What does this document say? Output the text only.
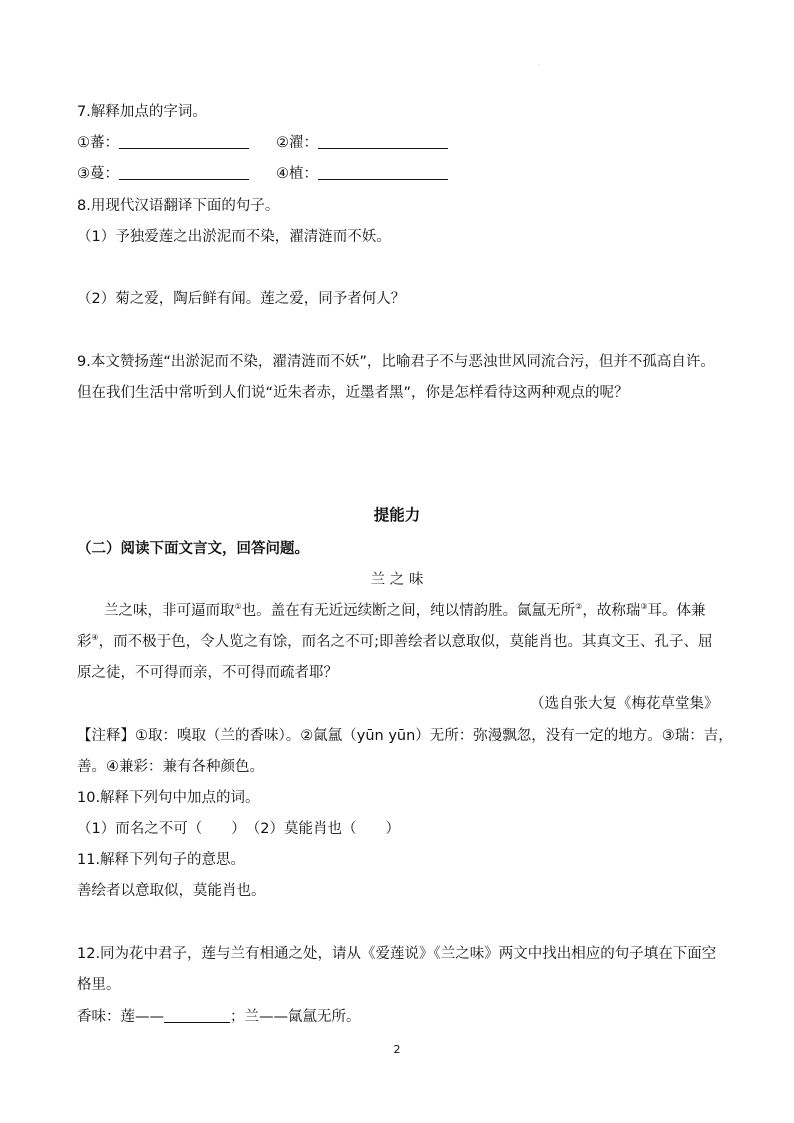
.
7.解释加点的字词。
①蕃：	②濯：
③蔓：	④植：
8.用现代汉语翻译下面的句子。
（1）予独爱莲之出淤泥而不染，濯清涟而不妖。
（2）菊之爱，陶后鲜有闻。莲之爱，同予者何人？
9.本文赞扬莲“出淤泥而不染，濯清涟而不妖”，比喻君子不与恶浊世风同流合污，但并不孤高自许。
但在我们生活中常听到人们说“近朱者赤，近墨者黑”，你是怎样看待这两种观点的呢？
提能力
（二）阅读下面文言文，回答问题。
兰 之 味
兰之味，非可逼而取①也。盖在有无近远续断之间，纯以情韵胜。氤氲无所②，故称瑞③耳。体兼
彩④，而不极于色，令人览之有馀，而名之不可;即善绘者以意取似，莫能肖也。其真文王、孔子、屈
原之徒，不可得而亲，不可得而疏者耶？
（选自张大复《梅花草堂集》
【注释】①取：嗅取（兰的香味）。②氤氲（yūn yūn）无所：弥漫飘忽，没有一定的地方。③瑞：吉，
善。④兼彩：兼有各种颜色。
10.解释下列句中加点的词。
（1）而名之不可（　　）　（2）莫能肖也（　　）
11.解释下列句子的意思。
善绘者以意取似，莫能肖也。
12.同为花中君子，莲与兰有相通之处，请从《爱莲说》《兰之味》两文中找出相应的句子填在下面空
格里。
香味：莲——	；兰——氤氲无所。
2
